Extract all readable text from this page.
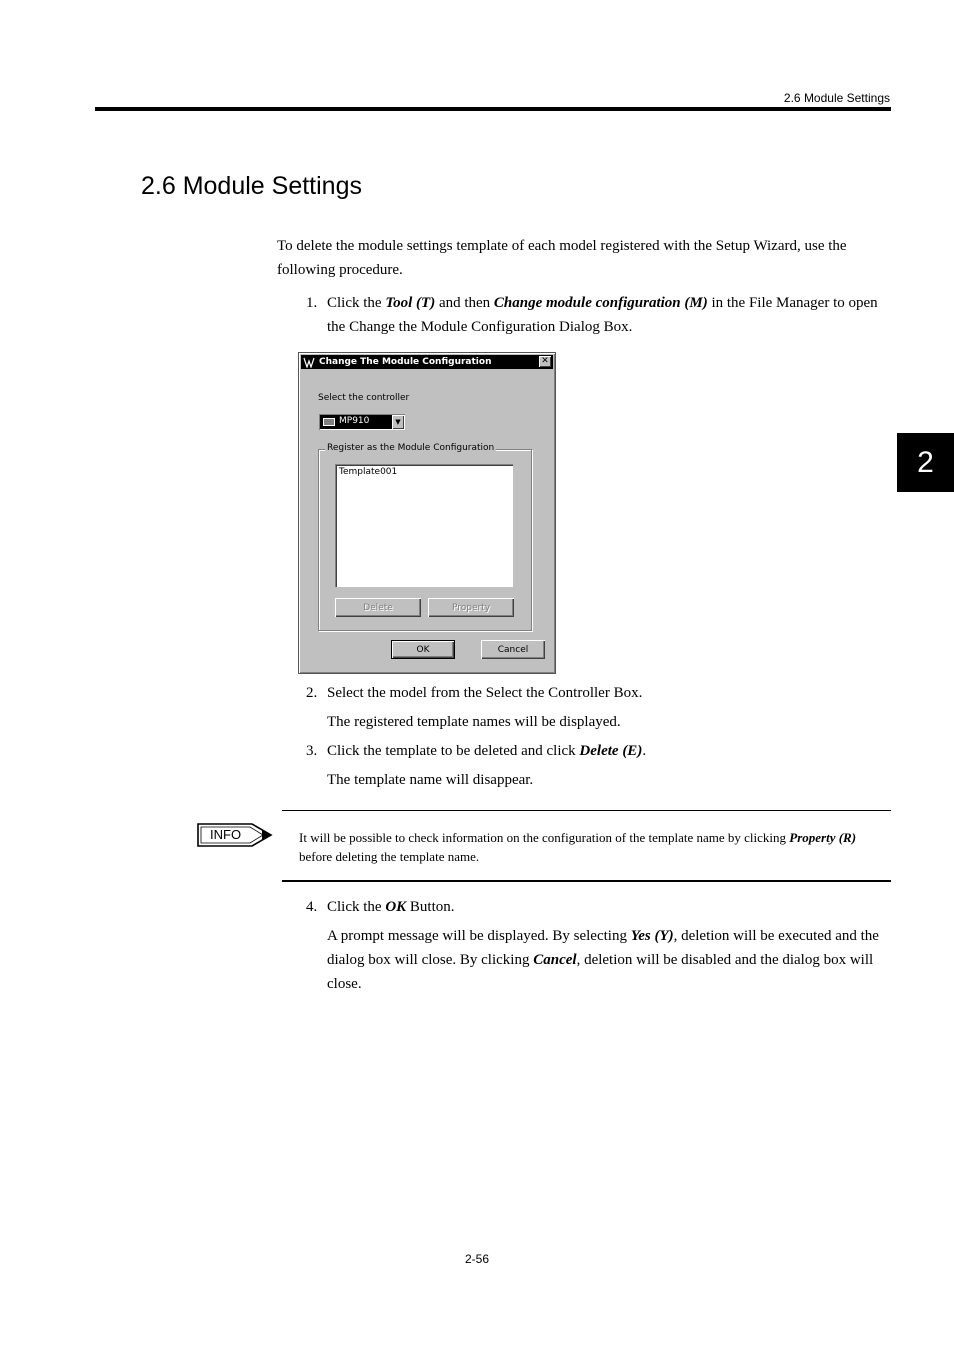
2.6 Module Settings
2
2.6 Module Settings
To delete the module settings template of each model registered with the Setup Wizard, use the following procedure.
1. Click the Tool (T) and then Change module configuration (M) in the File Manager to open the Change the Module Configuration Dialog Box.
Change The Module Configuration	✕
Select the controller
MP910	▼
Register as the Module Configuration
Template001
Delete	Property
OK	Cancel
2. Select the model from the Select the Controller Box.
The registered template names will be displayed.
3. Click the template to be deleted and click Delete (E).
The template name will disappear.
INFO	It will be possible to check information on the configuration of the template name by clicking Property (R) before deleting the template name.
4. Click the OK Button.
A prompt message will be displayed. By selecting Yes (Y), deletion will be executed and the dialog box will close. By clicking Cancel, deletion will be disabled and the dialog box will close.
2-56
